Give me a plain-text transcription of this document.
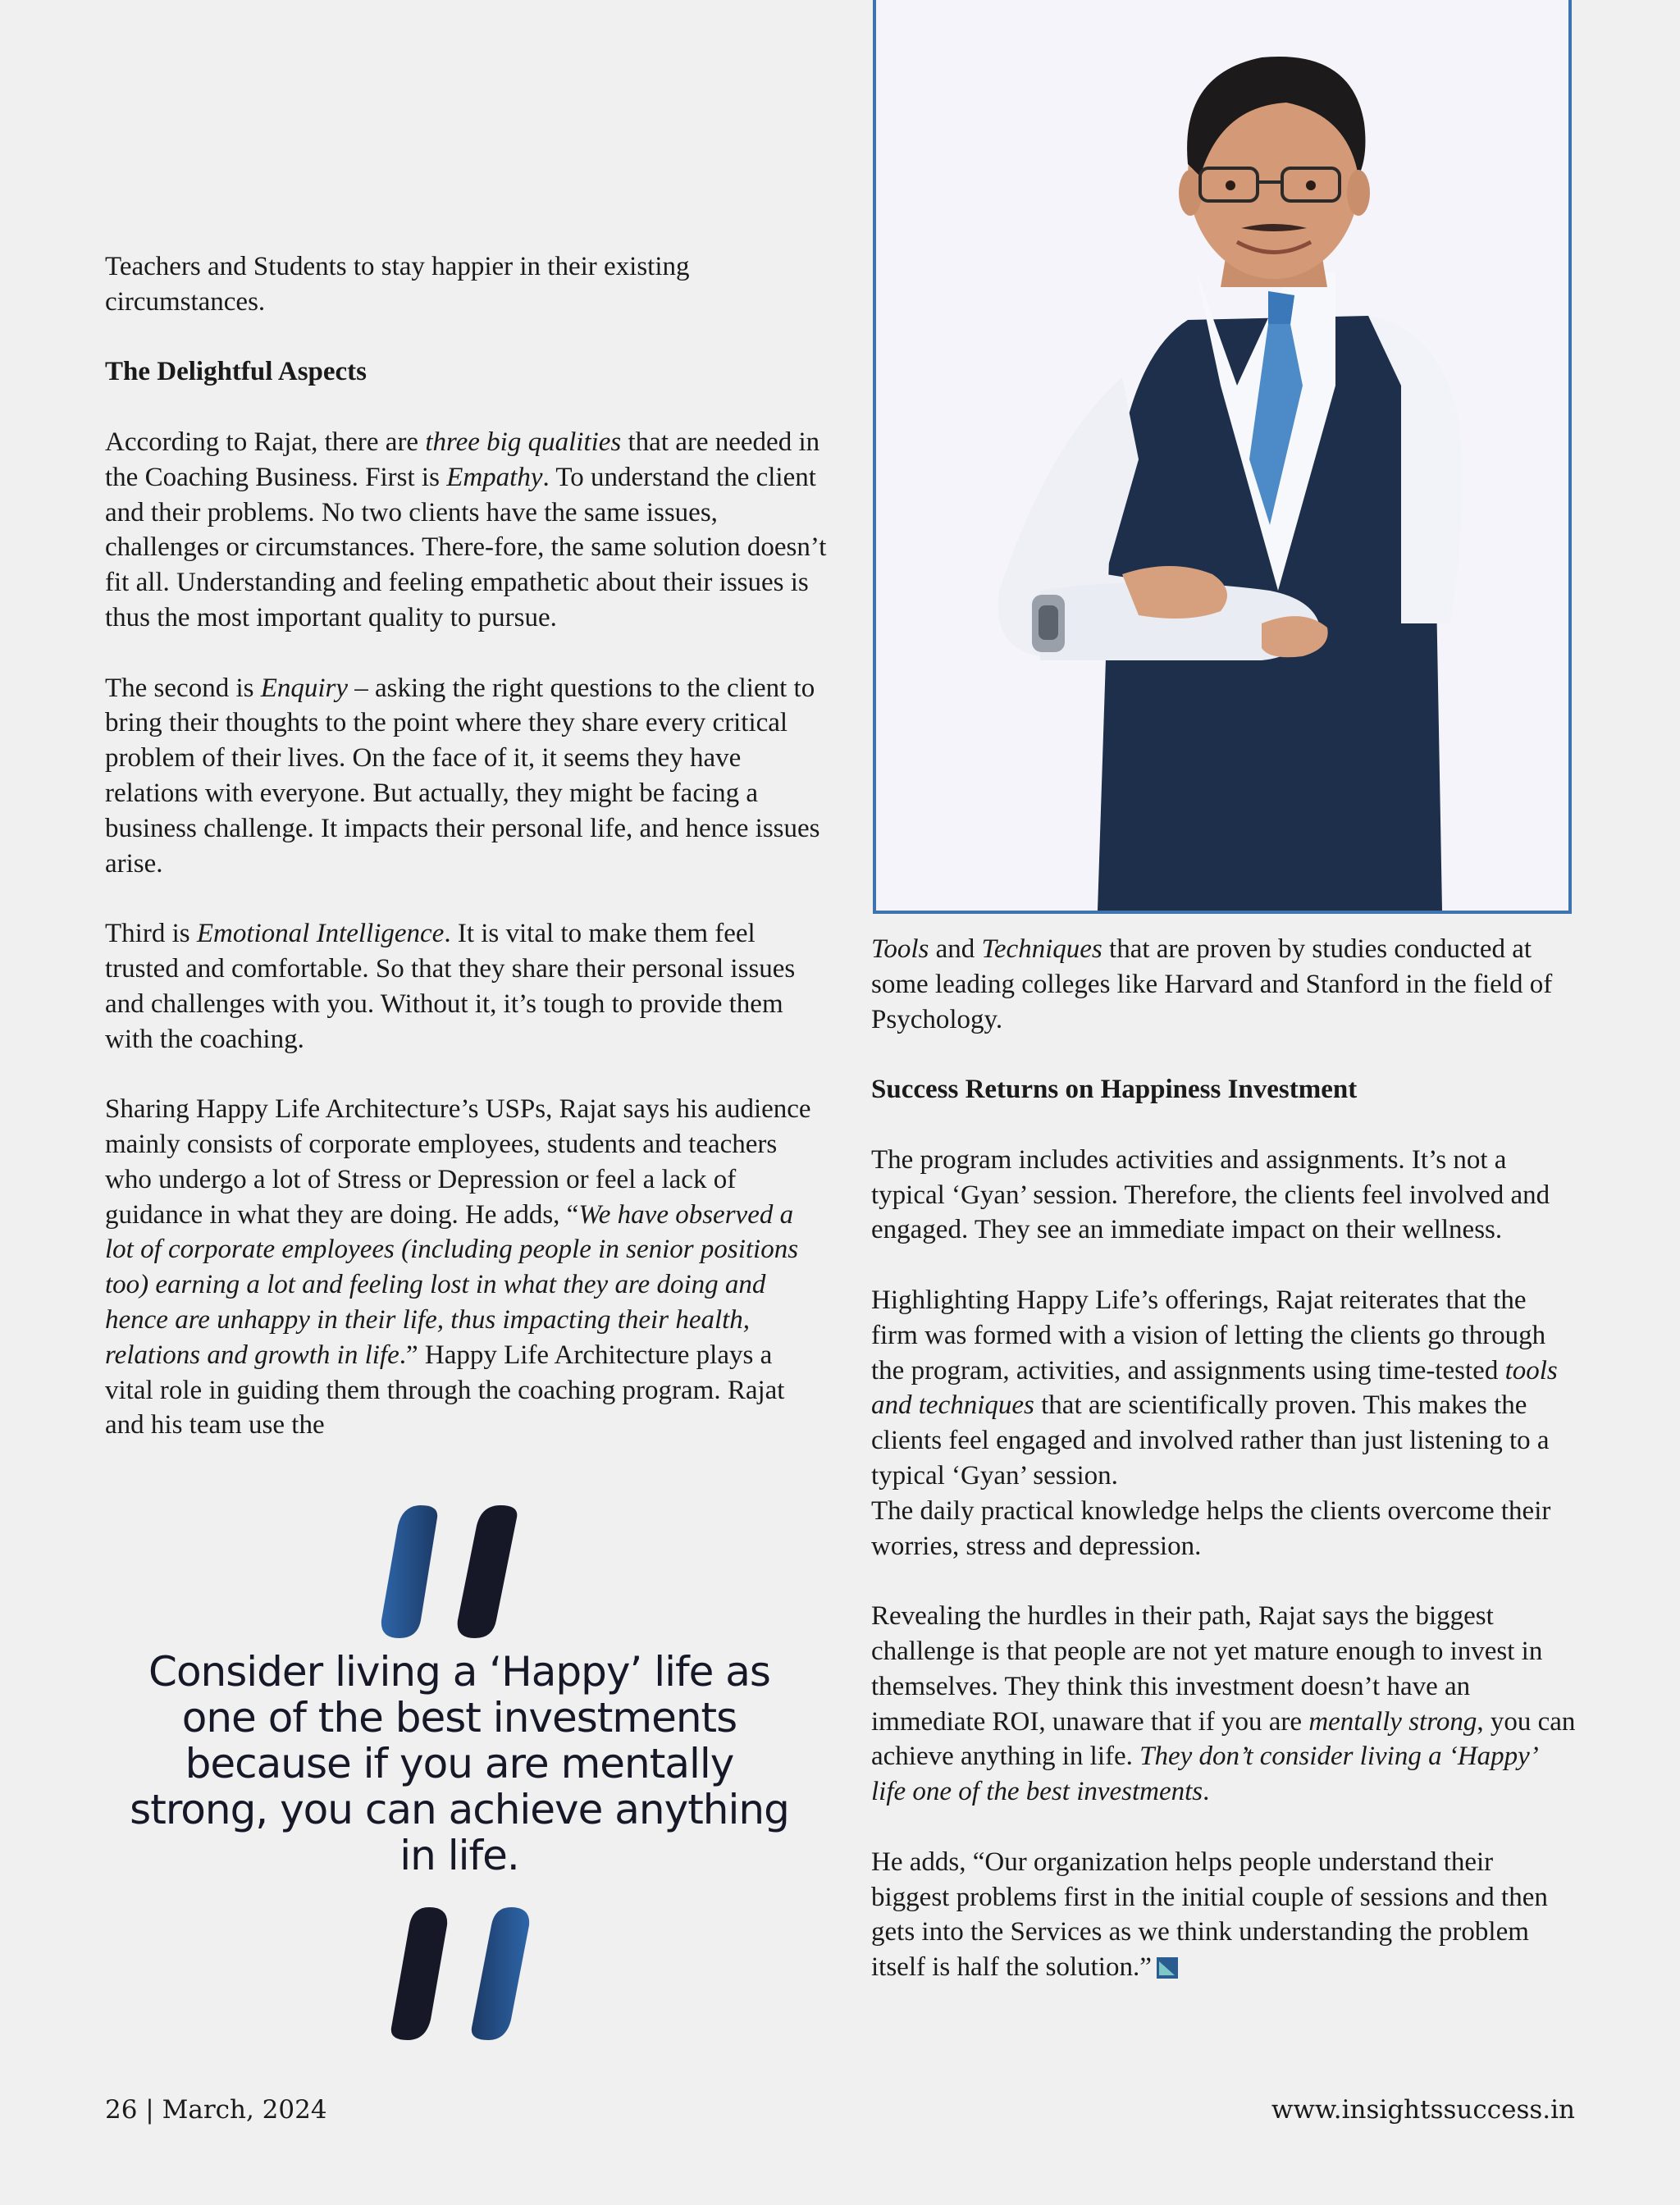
Teachers and Students to stay happier in their existing circumstances.

The Delightful Aspects

According to Rajat, there are three big qualities that are needed in the Coaching Business. First is Empathy. To understand the client and their problems. No two clients have the same issues, challenges or circumstances. There-fore, the same solution doesn’t fit all. Understanding and feeling empathetic about their issues is thus the most important quality to pursue.

The second is Enquiry – asking the right questions to the client to bring their thoughts to the point where they share every critical problem of their lives. On the face of it, it seems they have relations with everyone. But actually, they might be facing a business challenge. It impacts their personal life, and hence issues arise.

Third is Emotional Intelligence. It is vital to make them feel trusted and comfortable. So that they share their personal issues and challenges with you. Without it, it’s tough to provide them with the coaching.

Sharing Happy Life Architecture’s USPs, Rajat says his audience mainly consists of corporate employees, students and teachers who undergo a lot of Stress or Depression or feel a lack of guidance in what they are doing. He adds, “We have observed a lot of corporate employees (including people in senior positions too) earning a lot and feeling lost in what they are doing and hence are unhappy in their life, thus impacting their health, relations and growth in life.” Happy Life Architecture plays a vital role in guiding them through the coaching program. Rajat and his team use the

Consider living a ‘Happy’ life as one of the best investments because if you are mentally strong, you can achieve anything in life.

Tools and Techniques that are proven by studies conducted at some leading colleges like Harvard and Stanford in the field of Psychology.

Success Returns on Happiness Investment

The program includes activities and assignments. It’s not a typical ‘Gyan’ session. Therefore, the clients feel involved and engaged. They see an immediate impact on their wellness.

Highlighting Happy Life’s offerings, Rajat reiterates that the firm was formed with a vision of letting the clients go through the program, activities, and assignments using time-tested tools and techniques that are scientifically proven. This makes the clients feel engaged and involved rather than just listening to a typical ‘Gyan’ session.
The daily practical knowledge helps the clients overcome their worries, stress and depression.

Revealing the hurdles in their path, Rajat says the biggest challenge is that people are not yet mature enough to invest in themselves. They think this investment doesn’t have an immediate ROI, unaware that if you are mentally strong, you can achieve anything in life. They don’t consider living a ‘Happy’ life one of the best investments.

He adds, “Our organization helps people understand their biggest problems first in the initial couple of sessions and then gets into the Services as we think understanding the problem itself is half the solution.”

26 | March, 2024	www.insightssuccess.in
